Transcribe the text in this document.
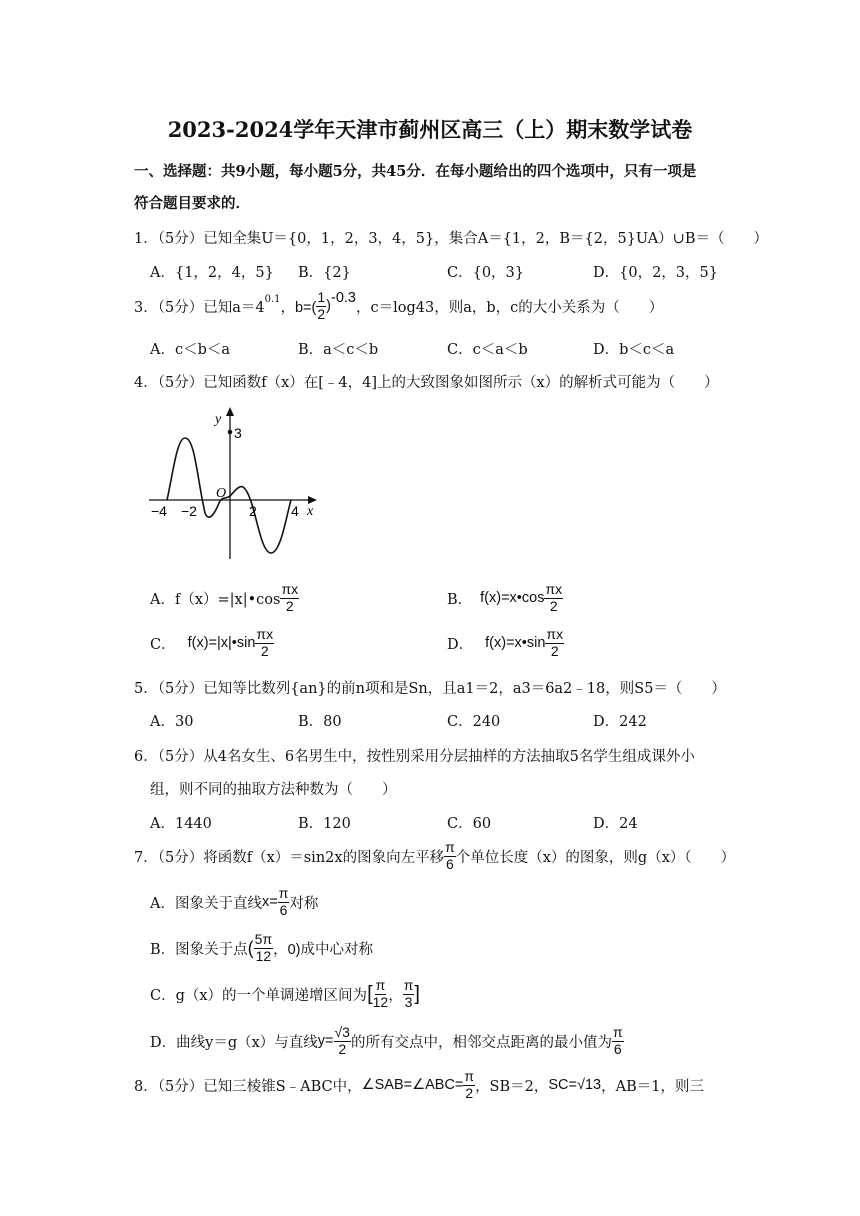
2023-2024学年天津市蓟州区高三（上）期末数学试卷
一、选择题：共9小题，每小题5分，共45分．在每小题给出的四个选项中，只有一项是
符合题目要求的．
1．（5分）已知全集U＝{0，1，2，3，4，5}，集合A＝{1，2，B＝{2，5}UA）∪B＝（　　）
A．{1，2，4，5} B．{2}	C．{0，3}	D．{0，2，3，5}
3．（5分）已知$a=4^{0.1}$ ，$b=( \frac{1}{2}$ ) -0.3
，c＝log43，则a，b，c的大小关系为（　　）
A．c＜b＜a	B．a＜c＜b	C．c＜a＜b	D．b＜c＜a
4．（5分）已知函数f（x）在[﹣4，4]上的大致图象如图所示（x）的解析式可能为（　　）
y
x
3
O
−4 −2	2 4
A．f（x）=|x|•cos $\frac{\pi x}{2}$	B． f(x)=x•cos $\frac{\pi x}{2}$
C． f(x)=|x|•sin $\frac{\pi x}{2}$	D． f(x)=x•sin $\frac{\pi x}{2}$
5．（5分）已知等比数列{an}的前n项和是Sn，且a1＝2，a3＝6a2﹣18，则S5＝（　　）
A．30	B．80	C．240	D．242
6．（5分）从4名女生、6名男生中，按性别采用分层抽样的方法抽取5名学生组成课外小
组，则不同的抽取方法种数为（　　）
A．1440	B．120	C．60	D．24
7．（5分）将函数f（x）＝sin2x的图象向左平移 $\frac{\pi}{6}$ 个单位长度（x）的图象，则g（x）（　　）
A．图象关于直线 $x= \frac{\pi}{6}$ 对称
B．图象关于点 ( $\frac{5\pi}{12}$ ，0)成中心对称
C．g（x）的一个单调递增区间为 [ $\frac{\pi}{12}$ ， $\frac{\pi}{3}$ ]
D．曲线y＝g（x）与直线 $y= \frac{√3}{2}$ 的所有交点中，相邻交点距离的最小值为 $\frac{\pi}{6}$
8．（5分）已知三棱锥S﹣ABC中， ∠SAB=∠ABC= $\frac{\pi}{2}$ ，SB＝2， SC=√13 ，AB＝1，则三
